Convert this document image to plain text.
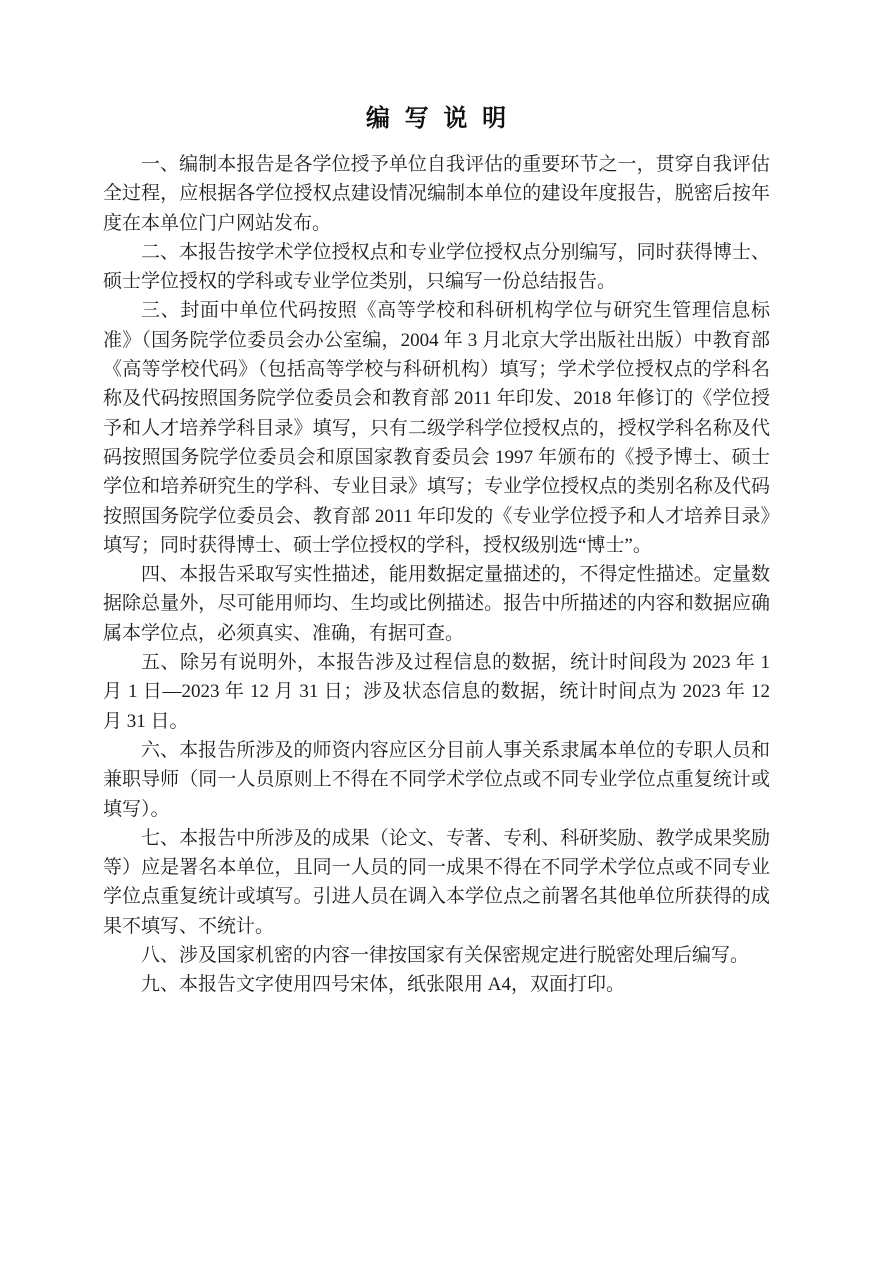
编 写 说 明

一、编制本报告是各学位授予单位自我评估的重要环节之一，贯穿自我评估全过程，应根据各学位授权点建设情况编制本单位的建设年度报告，脱密后按年度在本单位门户网站发布。

二、本报告按学术学位授权点和专业学位授权点分别编写，同时获得博士、硕士学位授权的学科或专业学位类别，只编写一份总结报告。

三、封面中单位代码按照《高等学校和科研机构学位与研究生管理信息标准》（国务院学位委员会办公室编，2004 年 3 月北京大学出版社出版）中教育部《高等学校代码》（包括高等学校与科研机构）填写；学术学位授权点的学科名称及代码按照国务院学位委员会和教育部 2011 年印发、2018 年修订的《学位授予和人才培养学科目录》填写，只有二级学科学位授权点的，授权学科名称及代码按照国务院学位委员会和原国家教育委员会 1997 年颁布的《授予博士、硕士学位和培养研究生的学科、专业目录》填写；专业学位授权点的类别名称及代码按照国务院学位委员会、教育部 2011 年印发的《专业学位授予和人才培养目录》填写；同时获得博士、硕士学位授权的学科，授权级别选“博士”。

四、本报告采取写实性描述，能用数据定量描述的，不得定性描述。定量数据除总量外，尽可能用师均、生均或比例描述。报告中所描述的内容和数据应确属本学位点，必须真实、准确，有据可查。

五、除另有说明外，本报告涉及过程信息的数据，统计时间段为 2023 年 1 月 1 日—2023 年 12 月 31 日；涉及状态信息的数据，统计时间点为 2023 年 12 月 31 日。

六、本报告所涉及的师资内容应区分目前人事关系隶属本单位的专职人员和兼职导师（同一人员原则上不得在不同学术学位点或不同专业学位点重复统计或填写）。

七、本报告中所涉及的成果（论文、专著、专利、科研奖励、教学成果奖励等）应是署名本单位，且同一人员的同一成果不得在不同学术学位点或不同专业学位点重复统计或填写。引进人员在调入本学位点之前署名其他单位所获得的成果不填写、不统计。

八、涉及国家机密的内容一律按国家有关保密规定进行脱密处理后编写。

九、本报告文字使用四号宋体，纸张限用 A4，双面打印。
